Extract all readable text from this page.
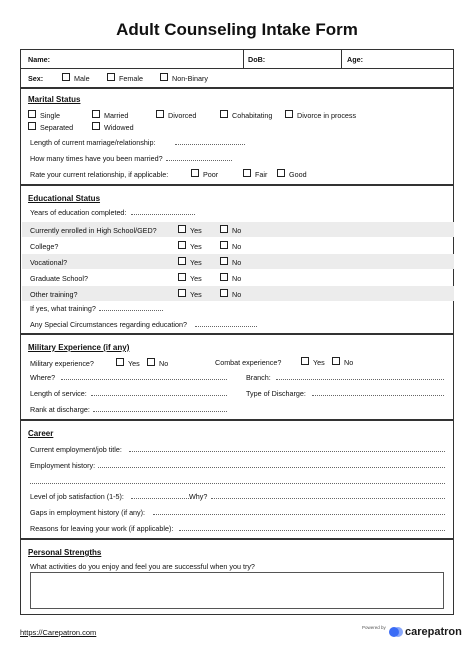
Adult Counseling Intake Form
Name:	DoB:	Age:
Sex:	Male	Female	Non-Binary
Marital Status
Single	Married	Divorced	Cohabitating	Divorce in process
Separated	Widowed
Length of current marriage/relationship:
How many times have you been married?
Rate your current relationship, if applicable:	Poor	Fair	Good
Educational Status
Years of education completed:
Currently enrolled in High School/GED?	Yes	No
College?	Yes	No
Vocational?	Yes	No
Graduate School?	Yes	No
Other training?	Yes	No
If yes, what training?
Any Special Circumstances regarding education?
Military Experience (if any)
Military experience?	Yes	No	Combat experience?	Yes	No
Where?	Branch:
Length of service:	Type of Discharge:
Rank at discharge:
Career
Current employment/job title:
Employment history:
Level of job satisfaction (1-5):	Why?
Gaps in employment history (if any):
Reasons for leaving your work (if applicable):
Personal Strengths
What activities do you enjoy and feel you are successful when you try?
https://Carepatron.com
Powered by carepatron
